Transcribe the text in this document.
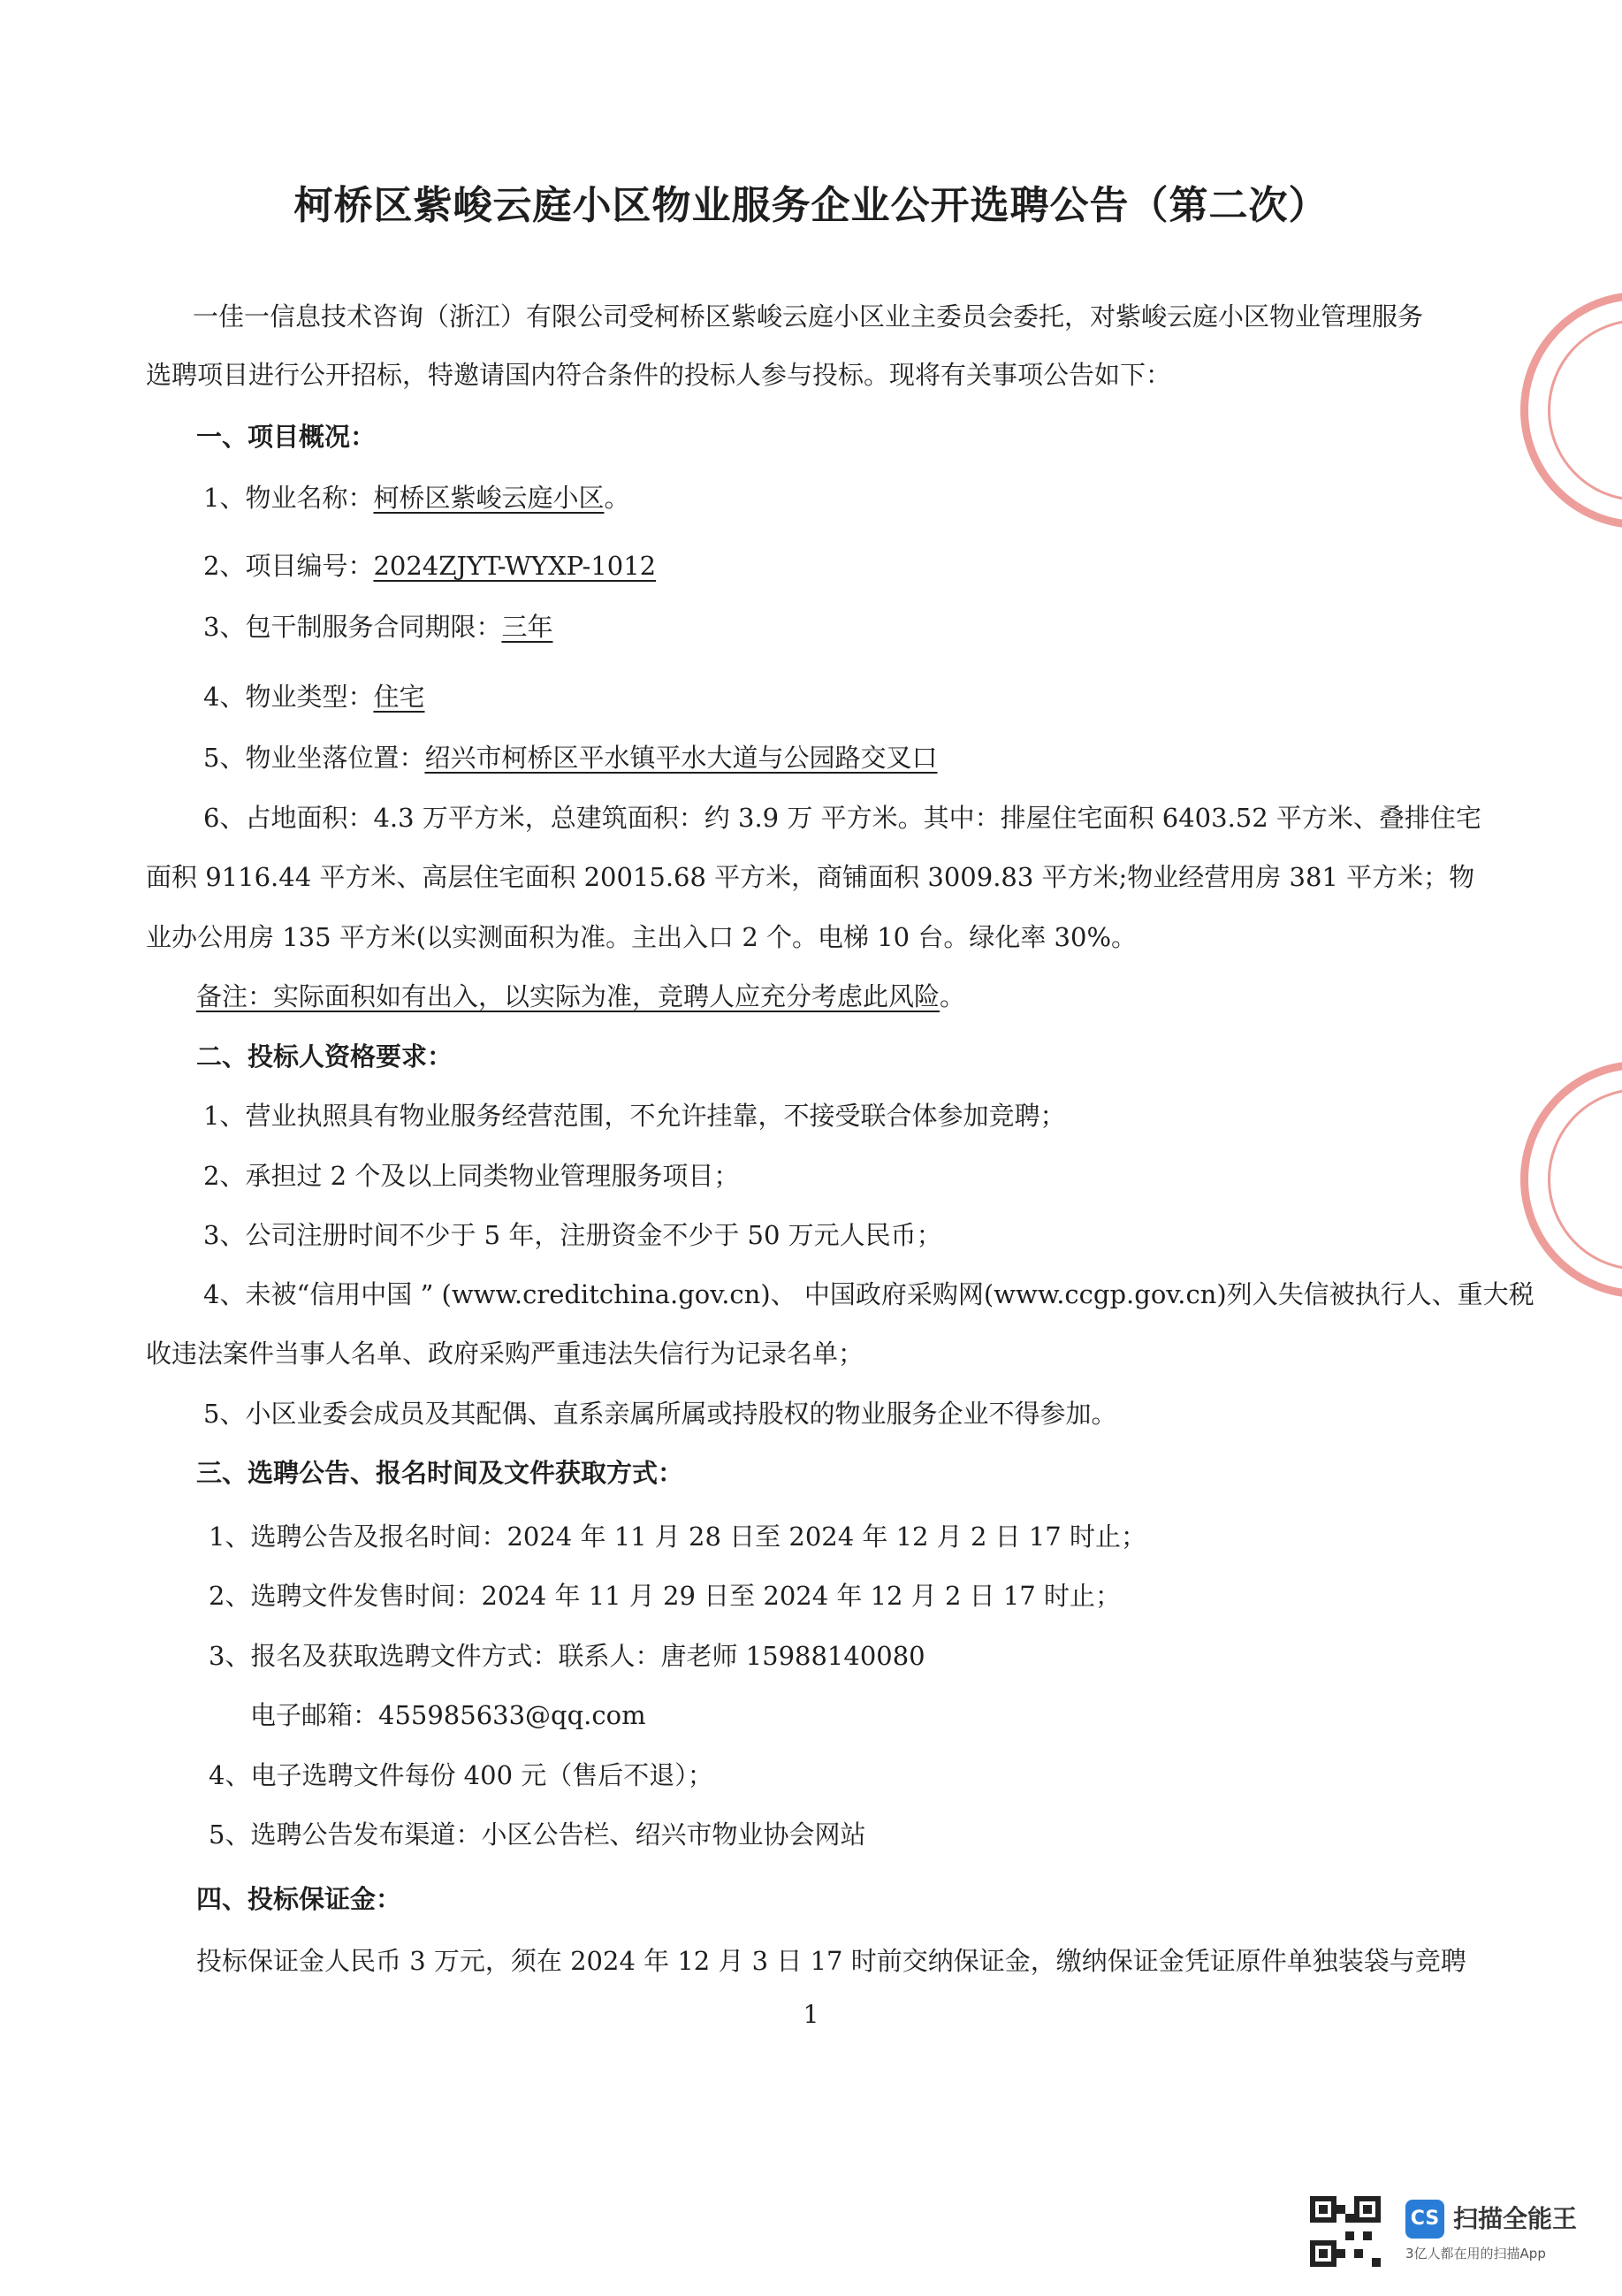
柯桥区紫峻云庭小区物业服务企业公开选聘公告（第二次）
一佳一信息技术咨询（浙江）有限公司受柯桥区紫峻云庭小区业主委员会委托，对紫峻云庭小区物业管理服务
选聘项目进行公开招标，特邀请国内符合条件的投标人参与投标。现将有关事项公告如下：
一、项目概况：
1、物业名称：柯桥区紫峻云庭小区。
2、项目编号：2024ZJYT-WYXP-1012
3、包干制服务合同期限：三年
4、物业类型：住宅
5、物业坐落位置：绍兴市柯桥区平水镇平水大道与公园路交叉口
6、占地面积：4.3 万平方米，总建筑面积：约 3.9 万 平方米。其中：排屋住宅面积 6403.52 平方米、叠排住宅
面积 9116.44 平方米、高层住宅面积 20015.68 平方米，商铺面积 3009.83 平方米;物业经营用房 381 平方米；物
业办公用房 135 平方米(以实测面积为准。主出入口 2 个。电梯 10 台。绿化率 30%。
备注：实际面积如有出入，以实际为准，竞聘人应充分考虑此风险。
二、投标人资格要求：
1、营业执照具有物业服务经营范围，不允许挂靠，不接受联合体参加竞聘；
2、承担过 2 个及以上同类物业管理服务项目；
3、公司注册时间不少于 5 年，注册资金不少于 50 万元人民币；
4、未被“信用中国 ” (www.creditchina.gov.cn)、 中国政府采购网(www.ccgp.gov.cn)列入失信被执行人、重大税
收违法案件当事人名单、政府采购严重违法失信行为记录名单；
5、小区业委会成员及其配偶、直系亲属所属或持股权的物业服务企业不得参加。
三、选聘公告、报名时间及文件获取方式：
1、选聘公告及报名时间：2024 年 11 月 28 日至 2024 年 12 月 2 日 17 时止；
2、选聘文件发售时间：2024 年 11 月 29 日至 2024 年 12 月 2 日 17 时止；
3、报名及获取选聘文件方式：联系人：唐老师 15988140080
电子邮箱：455985633@qq.com
4、电子选聘文件每份 400 元（售后不退）；
5、选聘公告发布渠道：小区公告栏、绍兴市物业协会网站
四、投标保证金：
投标保证金人民币 3 万元，须在 2024 年 12 月 3 日 17 时前交纳保证金，缴纳保证金凭证原件单独装袋与竞聘
1
CS 扫描全能王
3亿人都在用的扫描App
